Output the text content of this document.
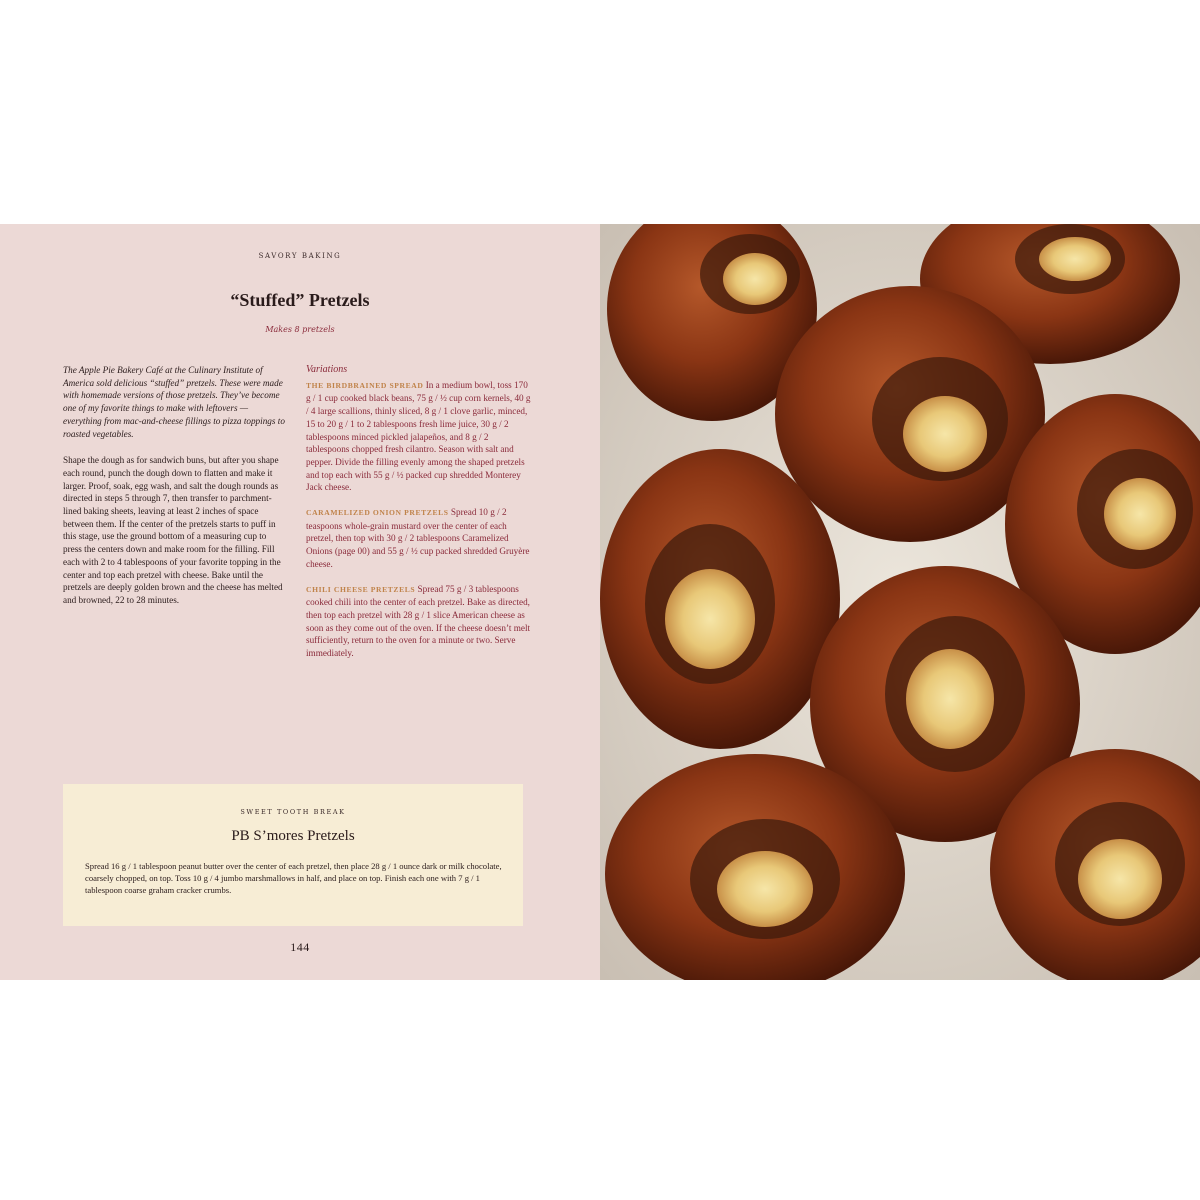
SAVORY BAKING
“Stuffed” Pretzels
Makes 8 pretzels

The Apple Pie Bakery Café at the Culinary Institute of America sold delicious “stuffed” pretzels. These were made with homemade versions of those pretzels. They’ve become one of my favorite things to make with leftovers — everything from mac-and-cheese fillings to pizza toppings to roasted vegetables.

Shape the dough as for sandwich buns, but after you shape each round, punch the dough down to flatten and make it larger. Proof, soak, egg wash, and salt the dough rounds as directed in steps 5 through 7, then transfer to parchment-lined baking sheets, leaving at least 2 inches of space between them. If the center of the pretzels starts to puff in this stage, use the ground bottom of a measuring cup to press the centers down and make room for the filling. Fill each with 2 to 4 tablespoons of your favorite topping in the center and top each pretzel with cheese. Bake until the pretzels are deeply golden brown and the cheese has melted and browned, 22 to 28 minutes.

Variations

THE BIRDBRAINED SPREAD In a medium bowl, toss 170 g / 1 cup cooked black beans, 75 g / ½ cup corn kernels, 40 g / 4 large scallions, thinly sliced, 8 g / 1 clove garlic, minced, 15 to 20 g / 1 to 2 tablespoons fresh lime juice, 30 g / 2 tablespoons minced pickled jalapeños, and 8 g / 2 tablespoons chopped fresh cilantro. Season with salt and pepper. Divide the filling evenly among the shaped pretzels and top each with 55 g / ½ packed cup shredded Monterey Jack cheese.

CARAMELIZED ONION PRETZELS Spread 10 g / 2 teaspoons whole-grain mustard over the center of each pretzel, then top with 30 g / 2 tablespoons Caramelized Onions (page 00) and 55 g / ½ cup packed shredded Gruyère cheese.

CHILI CHEESE PRETZELS Spread 75 g / 3 tablespoons cooked chili into the center of each pretzel. Bake as directed, then top each pretzel with 28 g / 1 slice American cheese as soon as they come out of the oven. If the cheese doesn’t melt sufficiently, return to the oven for a minute or two. Serve immediately.

SWEET TOOTH BREAK
PB S’mores Pretzels
Spread 16 g / 1 tablespoon peanut butter over the center of each pretzel, then place 28 g / 1 ounce dark or milk chocolate, coarsely chopped, on top. Toss 10 g / 4 jumbo marshmallows in half, and place on top. Finish each one with 7 g / 1 tablespoon coarse graham cracker crumbs.
144
